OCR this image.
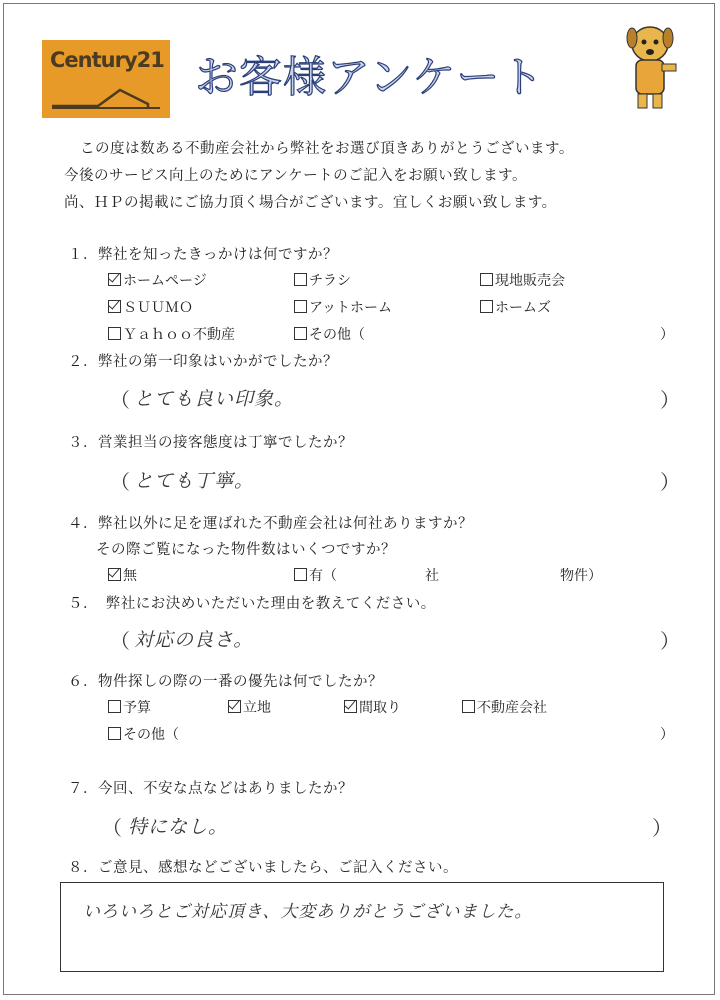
Century21 お客様アンケート
この度は数ある不動産会社から弊社をお選び頂きありがとうございます。
今後のサービス向上のためにアンケートのご記入をお願い致します。
尚、ＨＰの掲載にご協力頂く場合がございます。宜しくお願い致します。
１．弊社を知ったきっかけは何ですか？
ホームページ	チラシ	現地販売会
ＳＵＵＭＯ	アットホーム	ホームズ
Ｙａｈｏｏ不動産	その他（	）
２．弊社の第一印象はいかがでしたか？
（ とても良い印象。	）
３．営業担当の接客態度は丁寧でしたか？
（ とても丁寧。	）
４．弊社以外に足を運ばれた不動産会社は何社ありますか？
その際ご覧になった物件数はいくつですか？
無	有（	社	物件）
５．　弊社にお決めいただいた理由を教えてください。
（ 対応の良さ。	）
６．物件探しの際の一番の優先は何でしたか？
予算	立地	間取り	不動産会社
その他（	）
７．今回、不安な点などはありましたか？
（ 特になし。	）
８．ご意見、感想などございましたら、ご記入ください。
いろいろとご対応頂き、大変ありがとうございました。
